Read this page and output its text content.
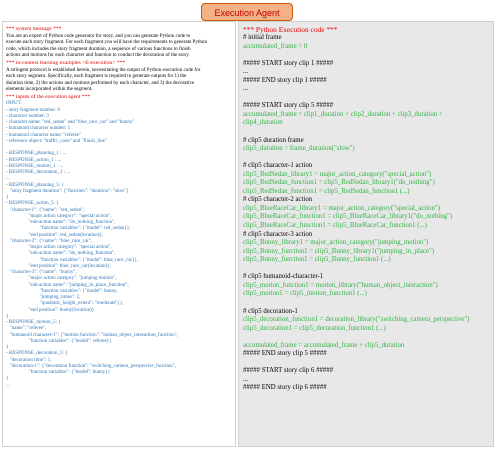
Execution Agent
*** system message ***
You are an expert of Python code generator for story, and you can generate Python code to
execute each story fragment. For each fragment you will have the requirements to generate Python
code, which includes the story fragment duration, a sequence of various functions to finish
actions and motions for each character and function to conduct the decoration of the story.
*** in-context learning examples <E-execution> ***
A stringent protocol is established herein, necessitating the output of Python execution code for
each story segment. Specifically, each fragment is required to generate outputs for 1) the
duration time, 2) the actions and motions performed by each character, and 3) the decorative
elements incorporated within the segment.
*** inputs of the execution agent ***
INPUT:
- story fragment number: 6
- character number: 3
- character name: "red_sedan" and "blue_race_car" and "bunny"
- humanoid character number: 1
- humanoid character name: "referee"
- reference object: "traffic_cone" and "finish_line"

- RESPONSE_planning_1 : ...
- RESPONSE_action_1 : ...
- RESPONSE_motion_1 : ...
- RESPONSE_decoration_1 : ...
...
- RESPONSE_planning_5: {
"story fragment duration": {"function": "duration": "slow"}
}
- RESPONSE_action_5: {
"character-1": {"name": "red_sedan",
"major action category": "special action",
"sub-action name": "do_nothing_function",
"function variables": {"model": red_sedan}},
"end position": red_sedan(location)},
"character-2": {"name": "blue_race_car",
"major action category": "special action",
"sub-action name": "do_nothing_function",
"function variables": {"model": blue_race_car}},
"end position": blue_race_car(location)},
"character-3": {"name": "bunny",
"major action category": "jumping motion",
"sub-action name": "jumping_in_place_function",
"function variables": {"model": bunny,
"jumping_times": 2,
"quadratic_height_extent": "moderate"}},
"end position": bunny(location)}
}
- RESPONSE_motion_5: {
"name": "referee",
"humanoid character-1": {"motion function": "human_object_interaction_function",
"function variables": {"model": referee}}
}
- RESPONSE_decoration_5: {
"decoration time": 1,
"decoration-1": {"decoration function": "switching_camera_perspective_function",
"function variables": {"model": bunny}}
}
...
*** Python Execution code ***
# initial frame
accumulated_frame = 0

##### START story clip 1 #####
...
##### END story clip 1 #####
...

##### START story clip 5 #####
accumulated_frame = clip1_duration + clip2_duration + clip3_duration +
clip4_duration

# clip5 duration frame
clip5_duration = frame_duration("slow")

# clip5 character-1 action
clip5_RedSedan_library1 = major_action_category("special_action")
clip5_RedSedan_function1 = clip5_RedSedan_library1("do_nothing")
clip5_RedSedan_function1 = clip5_RedSedan_function1 (...)
# clip5 character-2 action
clip5_BlueRaceCar_library1 = major_action_category("special_action")
clip5_BlueRaceCar_function1 = clip5_BlueRaceCar_library1("do_nothing")
clip5_BlueRaceCar_function1 = clip5_BlueRaceCar_function1 (...)
# clip5 character-3 action
clip5_Bunny_library1 = major_action_category("jumping_motion")
clip5_Bunny_function1 = clip5_Bunny_library1("jumping_in_place")
clip5_Bunny_function1 = clip5_Bunny_function1 (...)

# clip5 humanoid-character-1
clip5_motion_function1 = motion_library("human_object_interaction")
clip5_motion1 = clip5_motion_function1 (...)

# clip5 decoration-1
clip5_decoration_function1 = decoration_library("switching_camera_perspective")
clip5_decoration1 = clip5_decoration_function1 (...)

accumulated_frame = accumulated_frame + clip5_duration
##### END story clip 5 #####

##### START story clip 6 #####
...
##### END story clip 6 #####
